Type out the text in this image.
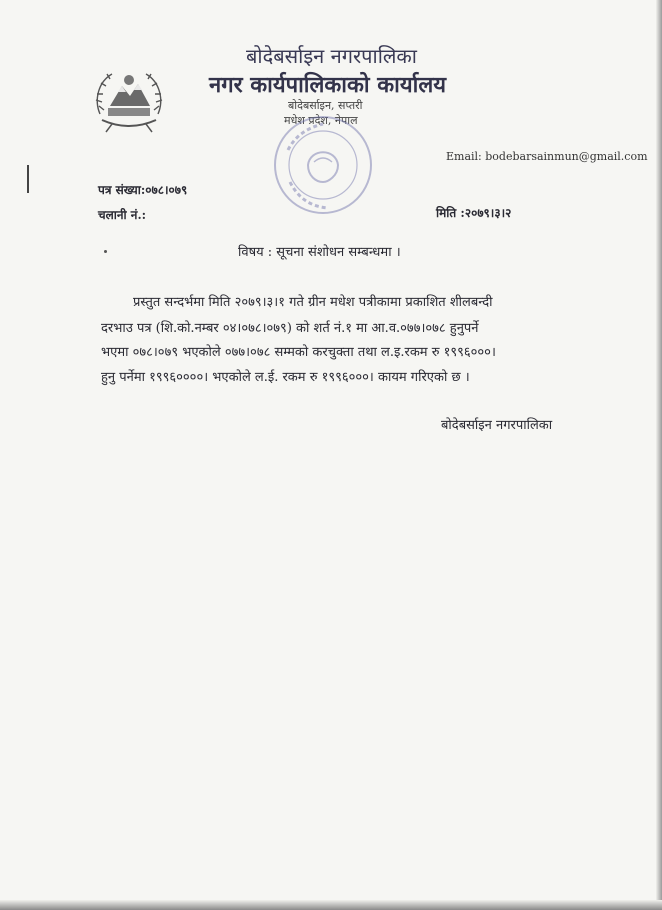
बोदेबर्साइन नगरपालिका
नगर कार्यपालिकाको कार्यालय
बोदेबर्साइन, सप्तरी
मधेश प्रदेश, नेपाल
Email: bodebarsainmun@gmail.com
पत्र संख्या:०७८।०७९
चलानी नं.:	मिति :२०७९।३।२
विषय : सूचना संशोधन सम्बन्धमा ।
प्रस्तुत सन्दर्भमा मिति २०७९।३।१ गते ग्रीन मधेश पत्रीकामा प्रकाशित शीलबन्दी
दरभाउ पत्र (शि.को.नम्बर ०४।०७८।०७९) को शर्त नं.१ मा आ.व.०७७।०७८ हुनुपर्ने
भएमा ०७८।०७९ भएकोले ०७७।०७८ सम्मको करचुक्ता तथा ल.इ.रकम रु १९९६०००।
हुनु पर्नेमा १९९६००००। भएकोले ल.ई. रकम रु १९९६०००। कायम गरिएको छ ।
बोदेबर्साइन नगरपालिका
